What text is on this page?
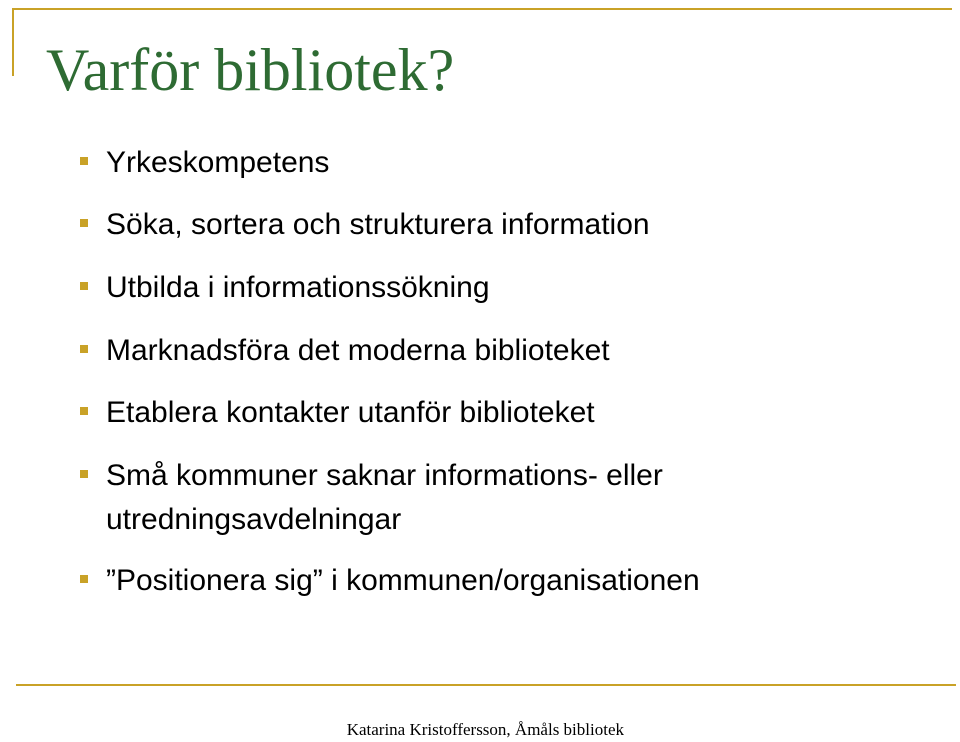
Varför bibliotek?
Yrkeskompetens
Söka, sortera och strukturera information
Utbilda i informationssökning
Marknadsföra det moderna biblioteket
Etablera kontakter utanför biblioteket
Små kommuner saknar informations- eller utredningsavdelningar
”Positionera sig” i kommunen/organisationen
Katarina Kristoffersson, Åmåls bibliotek
